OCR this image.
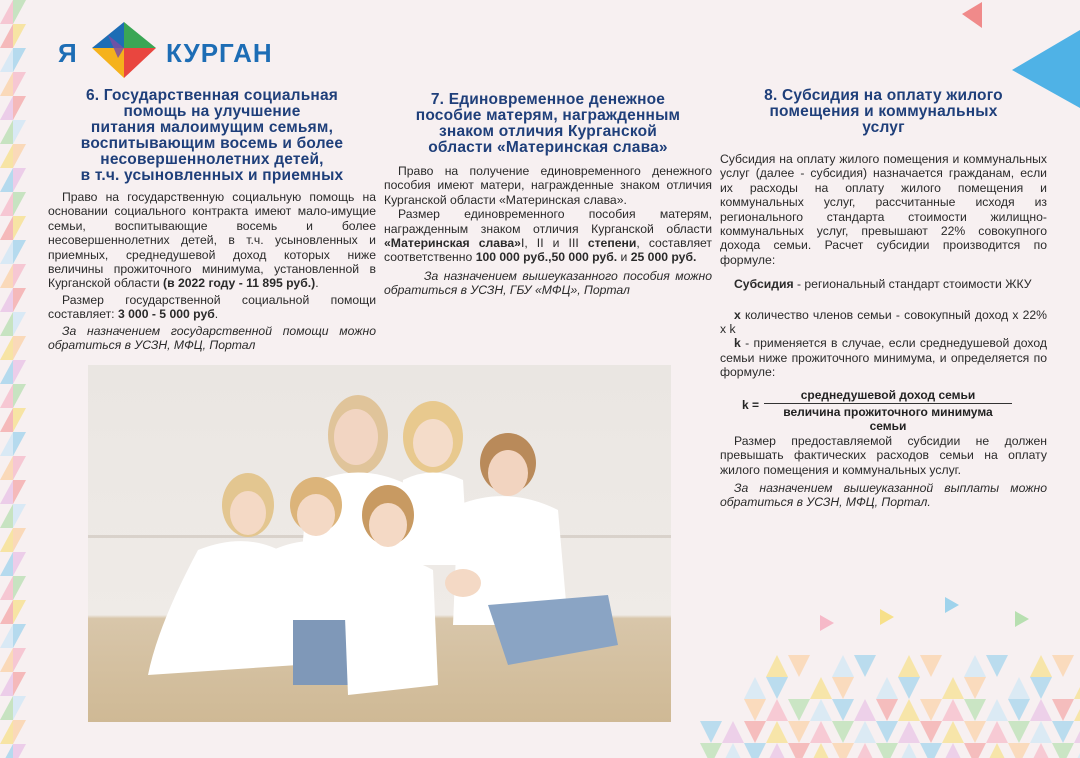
Я	КУРГАН
6. Государственная социальная
помощь на улучшение
питания малоимущим семьям,
воспитывающим восемь и более
несовершеннолетних детей,
в т.ч. усыновленных и приемных

Право на государственную социальную помощь на основании социального контракта имеют мало-имущие семьи, воспитывающие восемь и более несовершеннолетних детей, в т.ч. усыновленных и приемных, среднедушевой доход которых ниже величины прожиточного минимума, установленной в Курганской области (в 2022 году - 11 895 руб.).

Размер государственной социальной помощи составляет: 3 000 - 5 000 руб.

За назначением государственной помощи можно обратиться в УСЗН, МФЦ, Портал

7. Единовременное денежное
пособие матерям, награжденным
знаком отличия Курганской
области «Материнская слава»

Право на получение единовременного денежного пособия имеют матери, награжденные знаком отличия Курганской области «Материнская слава».

Размер единовременного пособия матерям, награжденным знаком отличия Курганской области «Материнская слава»I, II и III степени, составляет соответственно 100 000 руб.,50 000 руб. и 25 000 руб.

За назначением вышеуказанного пособия можно обратиться в УСЗН, ГБУ «МФЦ», Портал

8. Субсидия на оплату жилого
помещения и коммунальных
услуг

Субсидия на оплату жилого помещения и коммунальных услуг (далее - субсидия) назначается гражданам, если их расходы на оплату жилого помещения и коммунальных услуг, рассчитанные исходя из регионального стандарта стоимости жилищно-коммунальных услуг, превышают 22% совокупного дохода семьи. Расчет субсидии производится по формуле:

Субсидия - региональный стандарт стоимости ЖКУ

х количество членов семьи - совокупный доход х 22% х k

k - применяется в случае, если среднедушевой доход семьи ниже прожиточного минимума, и определяется по формуле:

k =
среднедушевой доход семьи
величина прожиточного минимума семьи

Размер предоставляемой субсидии не должен превышать фактических расходов семьи на оплату жилого помещения и коммунальных услуг.

За назначением вышеуказанной выплаты можно обратиться в УСЗН, МФЦ, Портал.
